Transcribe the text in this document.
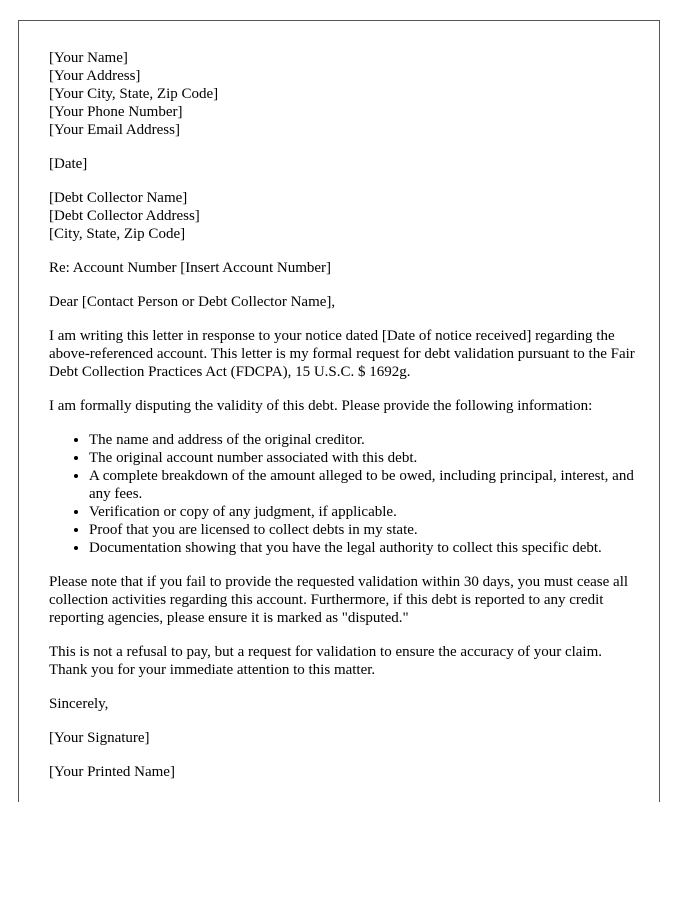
[Your Name]
[Your Address]
[Your City, State, Zip Code]
[Your Phone Number]
[Your Email Address]
[Date]
[Debt Collector Name]
[Debt Collector Address]
[City, State, Zip Code]

Re: Account Number [Insert Account Number]

Dear [Contact Person or Debt Collector Name],

I am writing this letter in response to your notice dated [Date of notice received] regarding the above-referenced account. This letter is my formal request for debt validation pursuant to the Fair Debt Collection Practices Act (FDCPA), 15 U.S.C. $ 1692g.

I am formally disputing the validity of this debt. Please provide the following information:

• The name and address of the original creditor.
• The original account number associated with this debt.
• A complete breakdown of the amount alleged to be owed, including principal, interest, and any fees.
• Verification or copy of any judgment, if applicable.
• Proof that you are licensed to collect debts in my state.
• Documentation showing that you have the legal authority to collect this specific debt.

Please note that if you fail to provide the requested validation within 30 days, you must cease all collection activities regarding this account. Furthermore, if this debt is reported to any credit reporting agencies, please ensure it is marked as "disputed."

This is not a refusal to pay, but a request for validation to ensure the accuracy of your claim. Thank you for your immediate attention to this matter.

Sincerely,

[Your Signature]

[Your Printed Name]
